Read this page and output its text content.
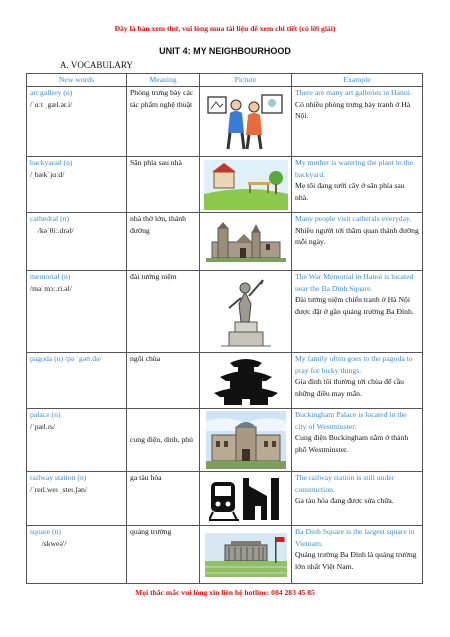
Đây là bản xem thử, vui lòng mua tài liệu để xem chi tiết (có lời giải)
UNIT 4: MY NEIGHBOURHOOD
A. VOCABULARY
New words	Meaning	Picture	Example
art gallery (n)
/ˈɑːt ˌgæl.ər.i/	Phòng trưng bày các tác phẩm nghệ thuật		There are many art galleries in Hanoi.
Có nhiều phòng trưng bày tranh ở Hà Nội.

backyarad (n)
/ˌbækˈjɑːd/	Sân phía sau nhà		My mother is watering the plant in the backyard.
Mẹ tôi đang tưới cây ở sân phía sau nhà.

cathedral (n)
/kəˈθiː.drəl/	nhà thờ lớn, thánh đường		Many people visit catherals everyday.
Nhiều người tới thăm quan thánh đường mỗi ngày.

memorial (n)
/məˈmɔː.ri.əl/	đài tưởng niệm		The War Memorial in Hanoi is located near the Ba Dinh Square.
Đài tưởng niệm chiến tranh ở Hà Nội được đặt ở gần quảng trường Ba Đình.

pagoda (n) /pə ˈgəʊ.də/	ngôi chùa		My family often goes to the pagoda to pray for lucky things.
Gia đình tôi thường tới chùa để cầu những điều may mắn.

palace (n)
/ˈpæl.ɪs/	cung điện, dinh, phủ		Buckingham Palace is located in the city of Westminster.
Cung điện Buckingham nằm ở thành phố Westminster.

railway station (n)
/ˈreɪl.weɪ ˌsteɪ.ʃən/	ga tàu hỏa		The railway station is still under construction.
Ga tàu hỏa đang được sửa chữa.

square (n)
/skweə'/	quảng trường		Ba Dinh Square is the largest square in Vietnam.
Quảng trường Ba Đình là quảng trường lớn nhất Việt Nam.
Mọi thắc mắc vui lòng xin liên hệ hotline: 084 283 45 85
